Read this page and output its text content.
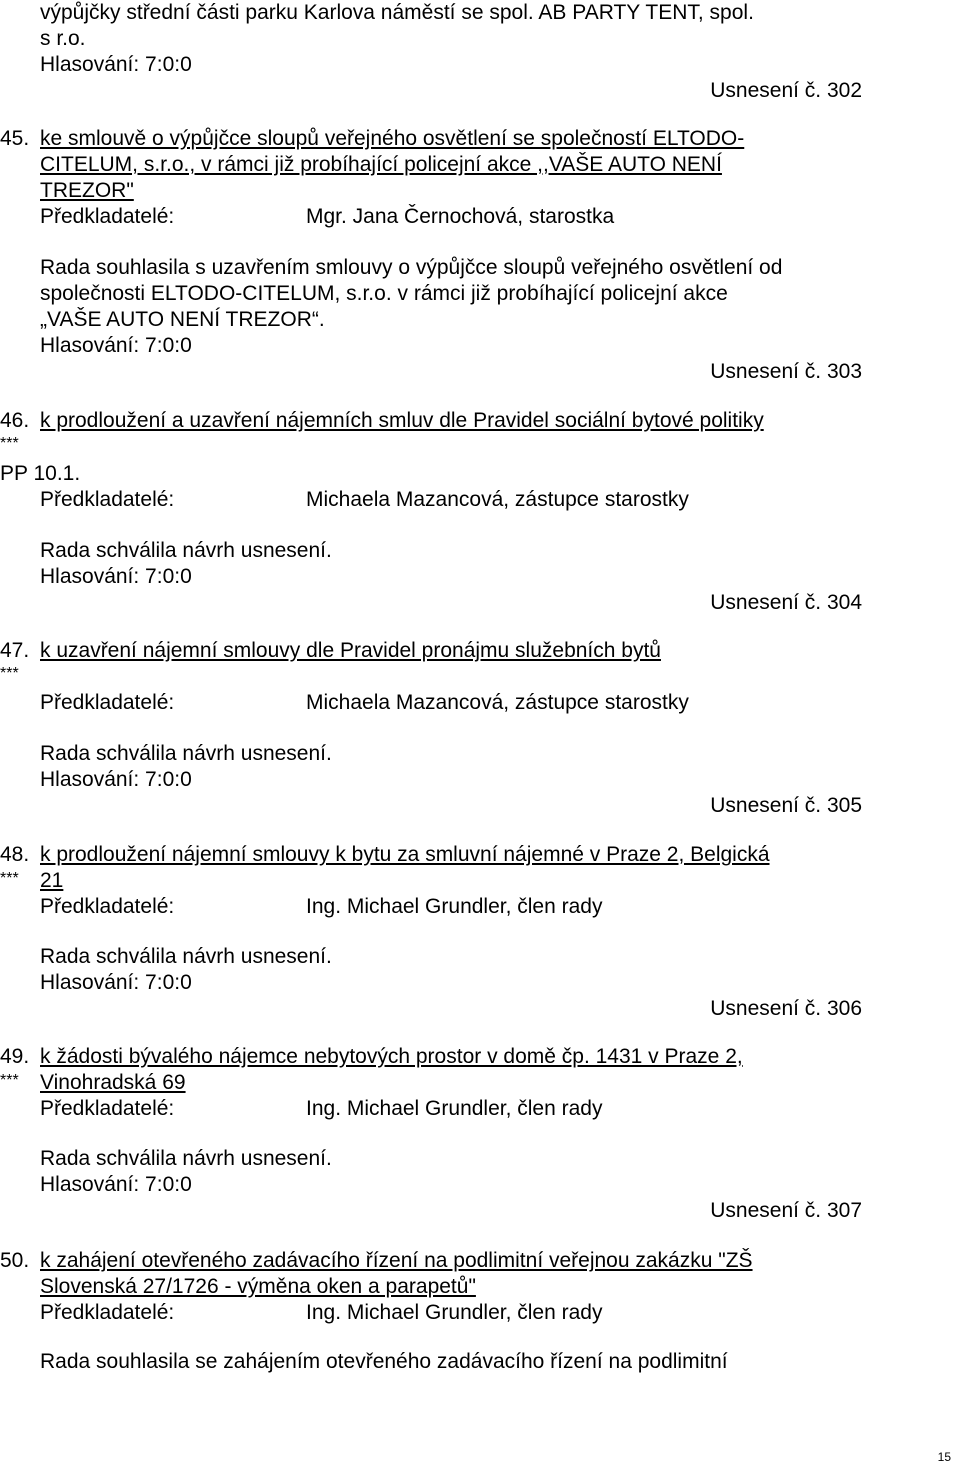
výpůjčky střední části parku Karlova náměstí se spol. AB PARTY TENT, spol.
s r.o.
Hlasování: 7:0:0
Usnesení č. 302
45. ke smlouvě o výpůjčce sloupů veřejného osvětlení se společností ELTODO-
CITELUM, s.r.o., v rámci již probíhající policejní akce ,,VAŠE AUTO NENÍ
TREZOR"
Předkladatelé:	Mgr. Jana Černochová, starostka
Rada souhlasila s uzavřením smlouvy o výpůjčce sloupů veřejného osvětlení od
společnosti ELTODO-CITELUM, s.r.o. v rámci již probíhající policejní akce
„VAŠE AUTO NENÍ TREZOR“.
Hlasování: 7:0:0
Usnesení č. 303
46.
***
k prodloužení a uzavření nájemních smluv dle Pravidel sociální bytové politiky
PP 10.1.
Předkladatelé:	Michaela Mazancová, zástupce starostky
Rada schválila návrh usnesení.
Hlasování: 7:0:0
Usnesení č. 304
47.
***
k uzavření nájemní smlouvy dle Pravidel pronájmu služebních bytů
Předkladatelé:	Michaela Mazancová, zástupce starostky
Rada schválila návrh usnesení.
Hlasování: 7:0:0
Usnesení č. 305
48.
***
k prodloužení nájemní smlouvy k bytu za smluvní nájemné v Praze 2, Belgická
21
Předkladatelé:	Ing. Michael Grundler, člen rady
Rada schválila návrh usnesení.
Hlasování: 7:0:0
Usnesení č. 306
49.
***
k žádosti bývalého nájemce nebytových prostor v domě čp. 1431 v Praze 2,
Vinohradská 69
Předkladatelé:	Ing. Michael Grundler, člen rady
Rada schválila návrh usnesení.
Hlasování: 7:0:0
Usnesení č. 307
50. k zahájení otevřeného zadávacího řízení na podlimitní veřejnou zakázku "ZŠ
Slovenská 27/1726 - výměna oken a parapetů"
Předkladatelé:	Ing. Michael Grundler, člen rady
Rada souhlasila se zahájením otevřeného zadávacího řízení na podlimitní
15
